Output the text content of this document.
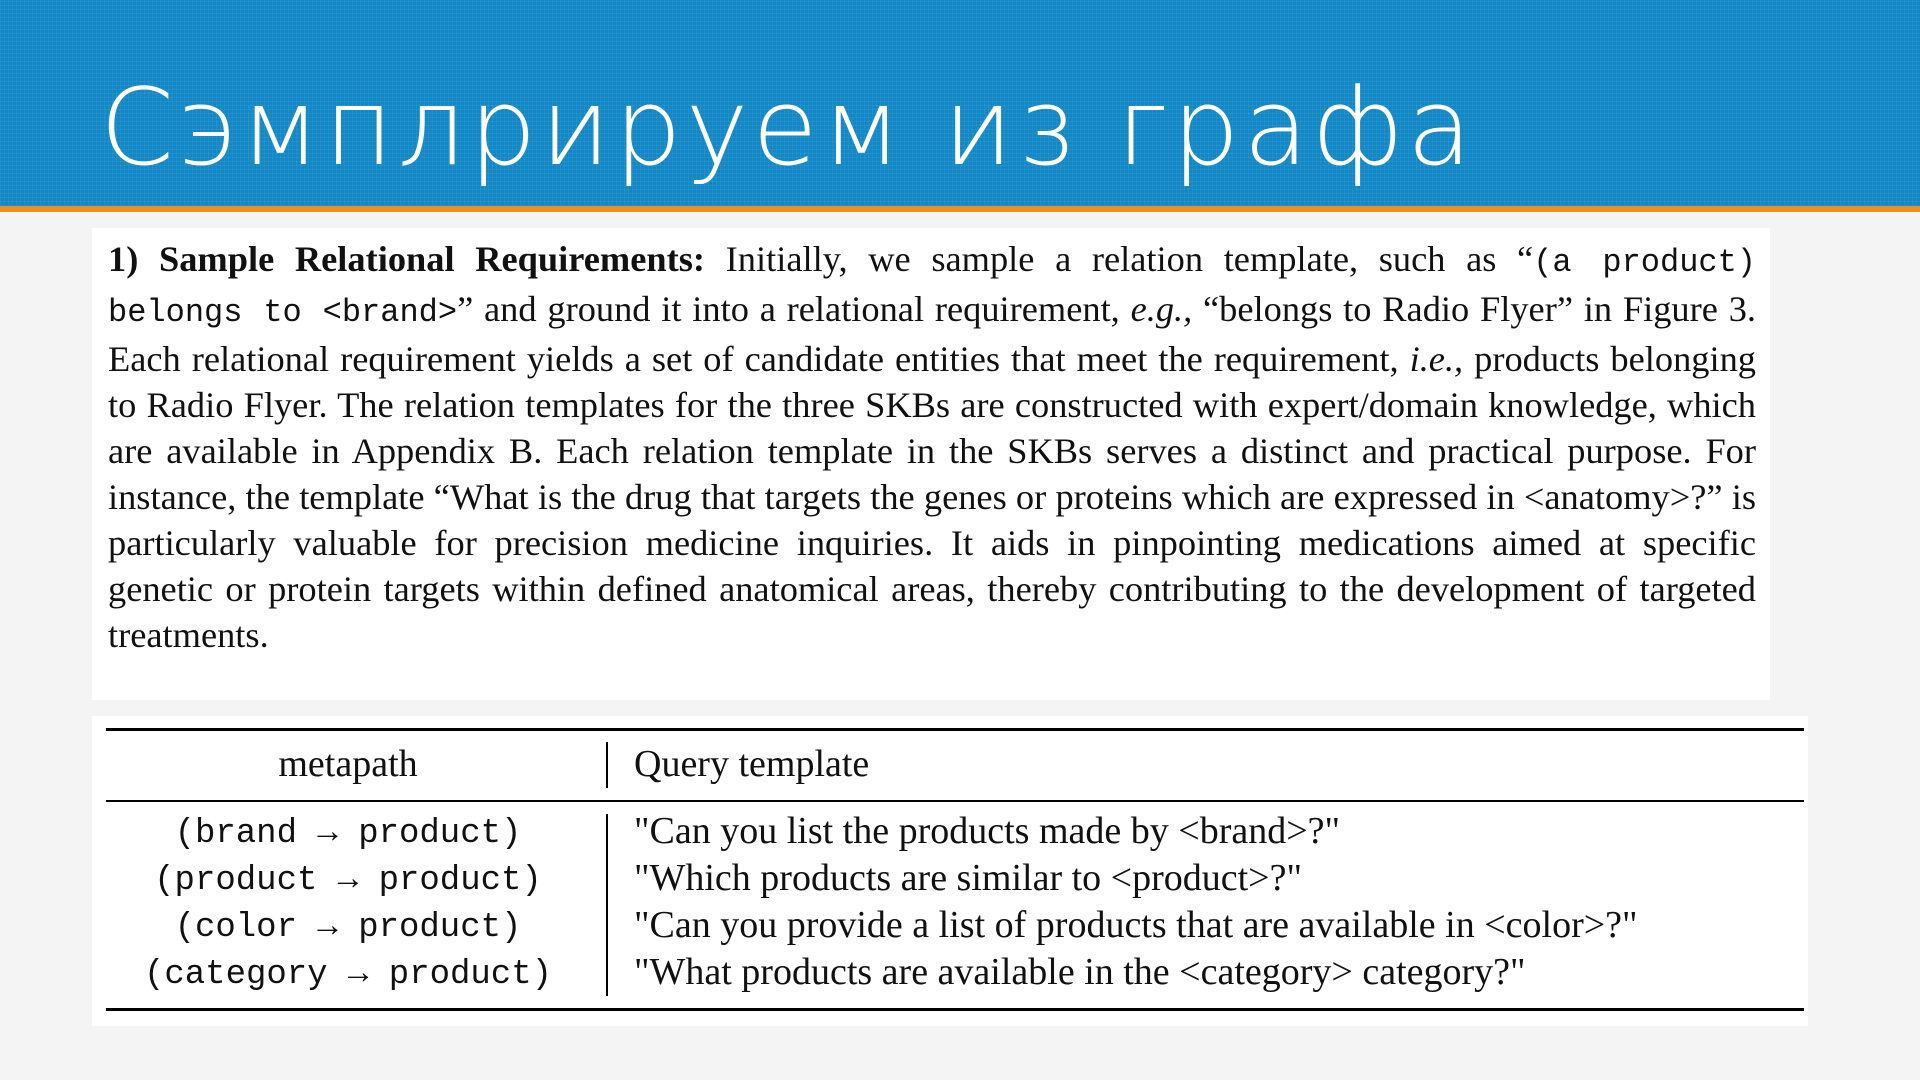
Сэмплрируем из графа

1) Sample Relational Requirements: Initially, we sample a relation template, such as “(a product) belongs to <brand>” and ground it into a relational requirement, e.g., “belongs to Radio Flyer” in Figure 3. Each relational requirement yields a set of candidate entities that meet the requirement, i.e., products belonging to Radio Flyer. The relation templates for the three SKBs are constructed with expert/domain knowledge, which are available in Appendix B. Each relation template in the SKBs serves a distinct and practical purpose. For instance, the template “What is the drug that targets the genes or proteins which are expressed in <anatomy>?” is particularly valuable for precision medicine inquiries. It aids in pinpointing medications aimed at specific genetic or protein targets within defined anatomical areas, thereby contributing to the development of targeted treatments.

metapath	Query template
(brand → product)
(product → product)
(color → product)
(category → product)
"Can you list the products made by <brand>?"
"Which products are similar to <product>?"
"Can you provide a list of products that are available in <color>?"
"What products are available in the <category> category?"
